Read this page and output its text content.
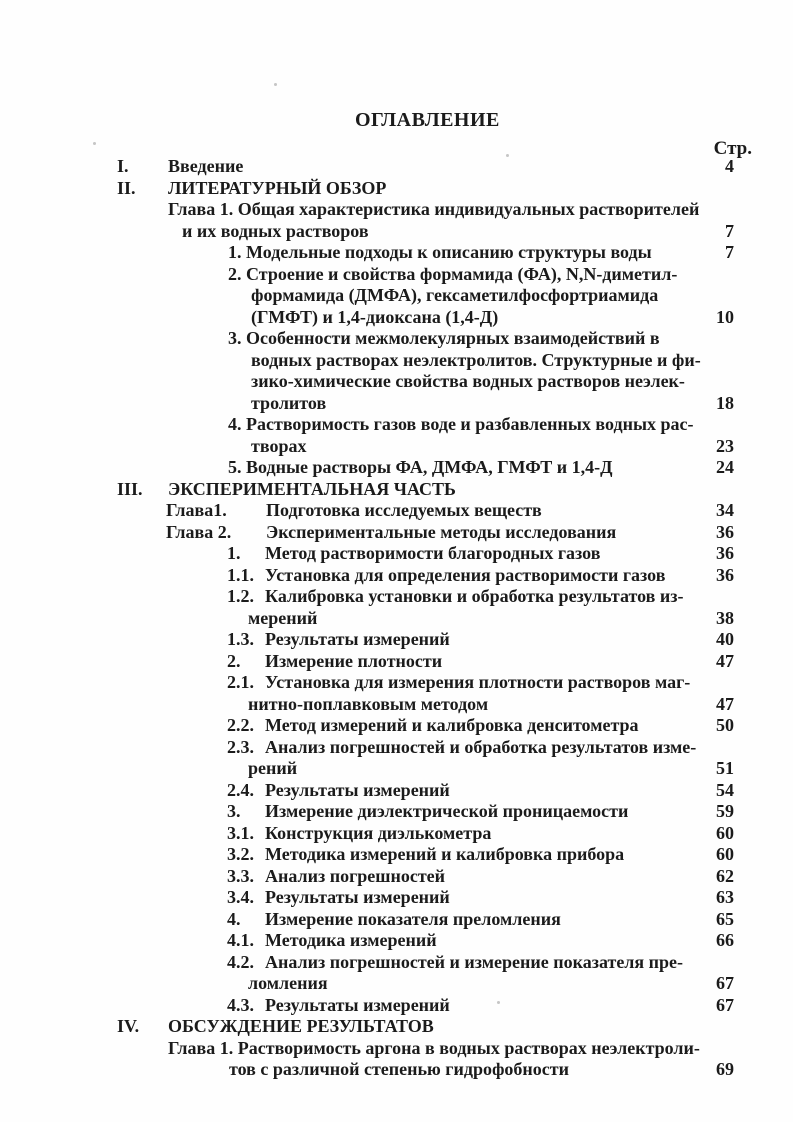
ОГЛАВЛЕНИЕ
Стр.
I. Введение	4
II. ЛИТЕРАТУРНЫЙ ОБЗОР
Глава 1. Общая характеристика индивидуальных растворителей
и их водных растворов	7
1. Модельные подходы к описанию структуры воды	7
2. Строение и свойства формамида (ФА), N,N-диметил-
формамида (ДМФА), гексаметилфосфортриамида
(ГМФТ) и 1,4-диоксана (1,4-Д)	10
3. Особенности межмолекулярных взаимодействий в
водных растворах неэлектролитов. Структурные и фи-
зико-химические свойства водных растворов неэлек-
тролитов	18
4. Растворимость газов воде и разбавленных водных рас-
творах	23
5. Водные растворы ФА, ДМФА, ГМФТ и 1,4-Д	24
III. ЭКСПЕРИМЕНТАЛЬНАЯ ЧАСТЬ
Глава1. Подготовка исследуемых веществ	34
Глава 2. Экспериментальные методы исследования	36
1. Метод растворимости благородных газов	36
1.1. Установка для определения растворимости газов	36
1.2. Калибровка установки и обработка результатов из-
мерений	38
1.3. Результаты измерений	40
2. Измерение плотности	47
2.1. Установка для измерения плотности растворов маг-
нитно-поплавковым методом	47
2.2. Метод измерений и калибровка денситометра	50
2.3. Анализ погрешностей и обработка результатов изме-
рений	51
2.4. Результаты измерений	54
3. Измерение диэлектрической проницаемости	59
3.1. Конструкция диэлькометра	60
3.2. Методика измерений и калибровка прибора	60
3.3. Анализ погрешностей	62
3.4. Результаты измерений	63
4. Измерение показателя преломления	65
4.1. Методика измерений	66
4.2. Анализ погрешностей и измерение показателя пре-
ломления	67
4.3. Результаты измерений	67
IV. ОБСУЖДЕНИЕ РЕЗУЛЬТАТОВ
Глава 1. Растворимость аргона в водных растворах неэлектроли-
тов с различной степенью гидрофобности	69
